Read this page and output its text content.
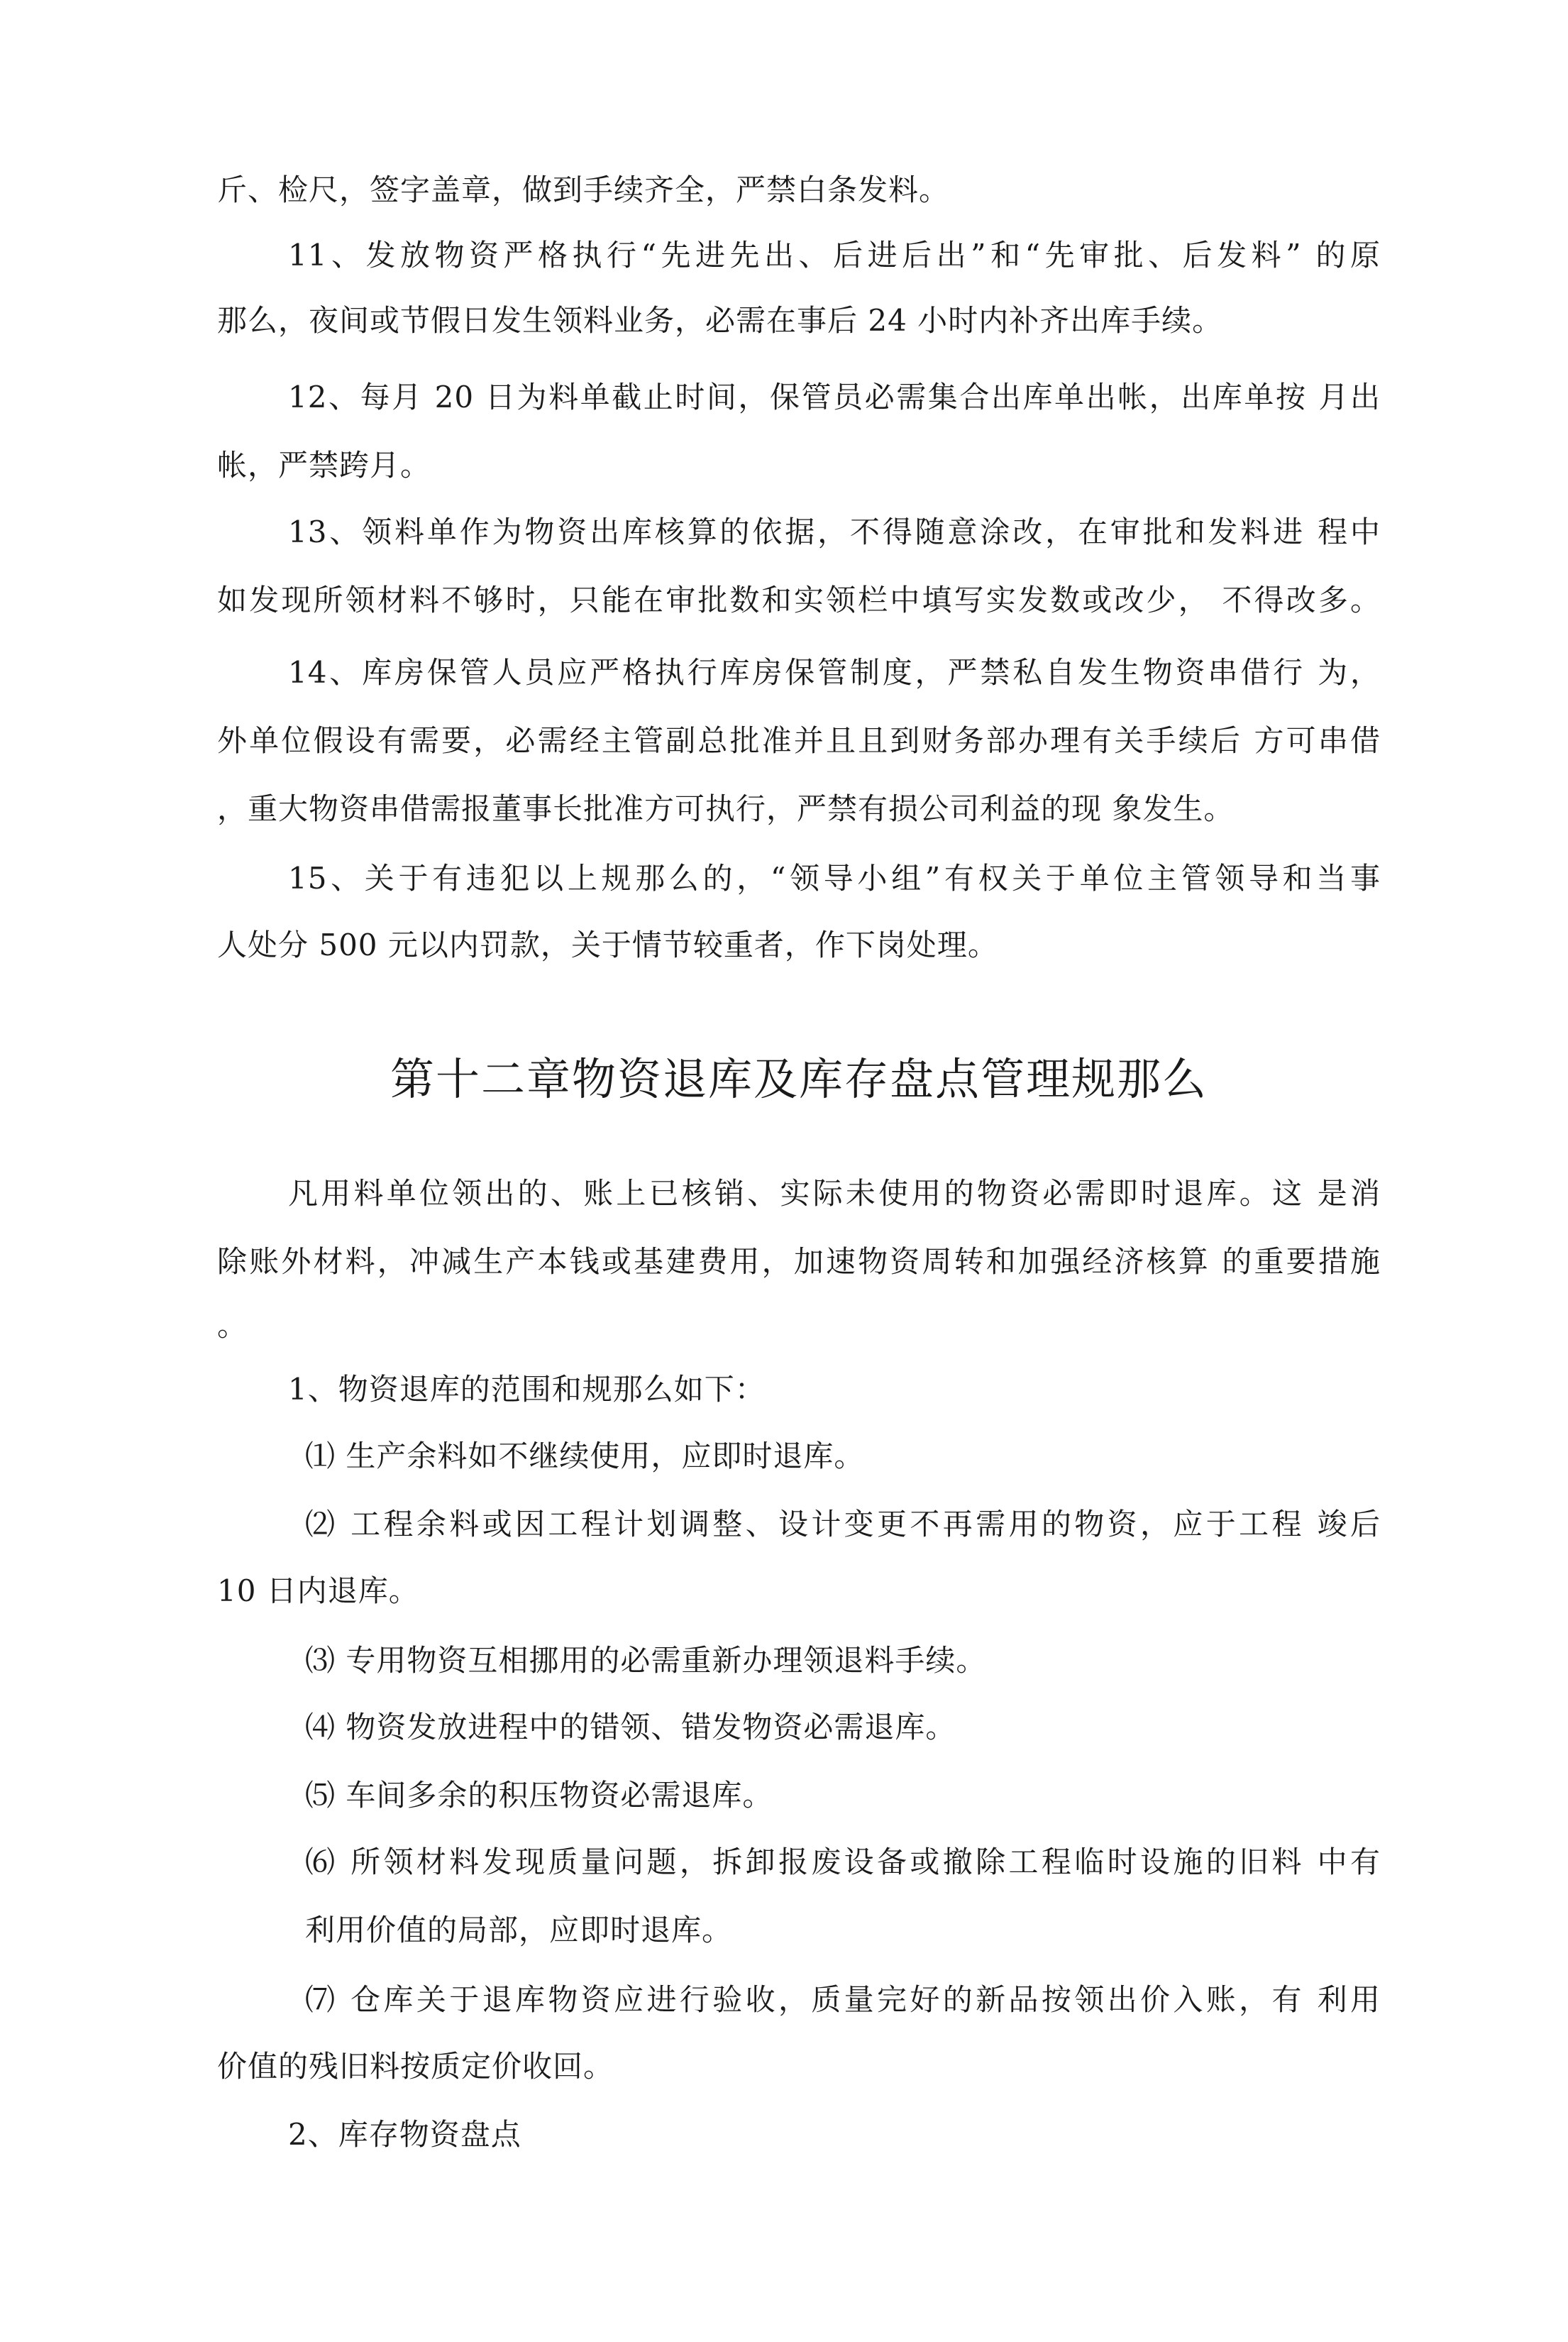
斤、检尺，签字盖章，做到手续齐全，严禁白条发料。
11、发放物资严格执行“先进先出、后进后出”和“先审批、后发料” 的原
那么，夜间或节假日发生领料业务，必需在事后 24 小时内补齐出库手续。
12、每月 20 日为料单截止时间，保管员必需集合出库单出帐，出库单按 月出
帐，严禁跨月。
13、领料单作为物资出库核算的依据，不得随意涂改，在审批和发料进 程中
如发现所领材料不够时，只能在审批数和实领栏中填写实发数或改少， 不得改多。
14、库房保管人员应严格执行库房保管制度，严禁私自发生物资串借行 为，
外单位假设有需要，必需经主管副总批准并且且到财务部办理有关手续后 方可串借
，重大物资串借需报董事长批准方可执行，严禁有损公司利益的现 象发生。
15、关于有违犯以上规那么的，“领导小组”有权关于单位主管领导和当事
人处分 500 元以内罚款，关于情节较重者，作下岗处理。
第十二章物资退库及库存盘点管理规那么
凡用料单位领出的、账上已核销、实际未使用的物资必需即时退库。这 是消
除账外材料，冲减生产本钱或基建费用，加速物资周转和加强经济核算 的重要措施
。
1、物资退库的范围和规那么如下：
⑴ 生产余料如不继续使用，应即时退库。
⑵ 工程余料或因工程计划调整、设计变更不再需用的物资，应于工程 竣后
10 日内退库。
⑶ 专用物资互相挪用的必需重新办理领退料手续。
⑷ 物资发放进程中的错领、错发物资必需退库。
⑸ 车间多余的积压物资必需退库。
⑹ 所领材料发现质量问题，拆卸报废设备或撤除工程临时设施的旧料 中有
利用价值的局部，应即时退库。
⑺ 仓库关于退库物资应进行验收，质量完好的新品按领出价入账，有 利用
价值的残旧料按质定价收回。
2、库存物资盘点
